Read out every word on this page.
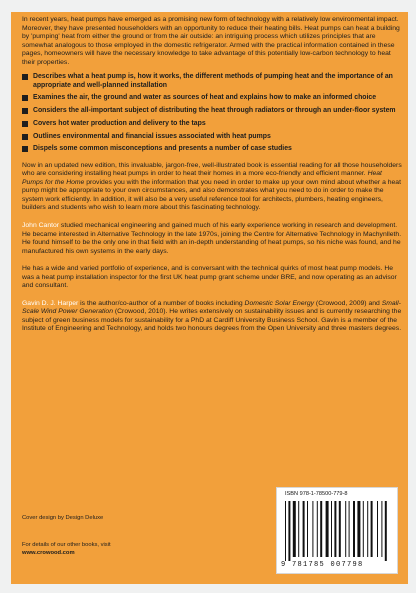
In recent years, heat pumps have emerged as a promising new form of technology with a relatively low environmental impact. Moreover, they have presented householders with an opportunity to reduce their heating bills. Heat pumps can heat a building by 'pumping' heat from either the ground or from the air outside: an intriguing process which utilizes principles that are somewhat analogous to those employed in the domestic refrigerator. Armed with the practical information contained in these pages, homeowners will have the necessary knowledge to take advantage of this potentially low-carbon technology to heat their properties.

Describes what a heat pump is, how it works, the different methods of pumping heat and the importance of an appropriate and well-planned installation
Examines the air, the ground and water as sources of heat and explains how to make an informed choice
Considers the all-important subject of distributing the heat through radiators or through an under-floor system
Covers hot water production and delivery to the taps
Outlines environmental and financial issues associated with heat pumps
Dispels some common misconceptions and presents a number of case studies

Now in an updated new edition, this invaluable, jargon-free, well-illustrated book is essential reading for all those householders who are considering installing heat pumps in order to heat their homes in a more eco-friendly and efficient manner. Heat Pumps for the Home provides you with the information that you need in order to make up your own mind about whether a heat pump might be appropriate to your own circumstances, and also demonstrates what you need to do in order to make the system work efficiently. In addition, it will also be a very useful reference tool for architects, plumbers, heating engineers, builders and students who wish to learn more about this fascinating technology.

John Cantor studied mechanical engineering and gained much of his early experience working in research and development. He became interested in Alternative Technology in the late 1970s, joining the Centre for Alternative Technology in Machynlleth. He found himself to be the only one in that field with an in-depth understanding of heat pumps, so his niche was found, and he manufactured his own systems in the early days.

He has a wide and varied portfolio of experience, and is conversant with the technical quirks of most heat pump models. He was a heat pump installation inspector for the first UK heat pump grant scheme under BRE, and now operating as an advisor and consultant.

Gavin D. J. Harper is the author/co-author of a number of books including Domestic Solar Energy (Crowood, 2009) and Small-Scale Wind Power Generation (Crowood, 2010). He writes extensively on sustainability issues and is currently researching the subject of green business models for sustainability for a PhD at Cardiff University Business School. Gavin is a member of the Institute of Engineering and Technology, and holds two honours degrees from the Open University and three masters degrees.

Cover design by Design Deluxe
For details of our other books, visit
www.crowood.com
ISBN 978-1-78500-779-8
9 781785 007798
